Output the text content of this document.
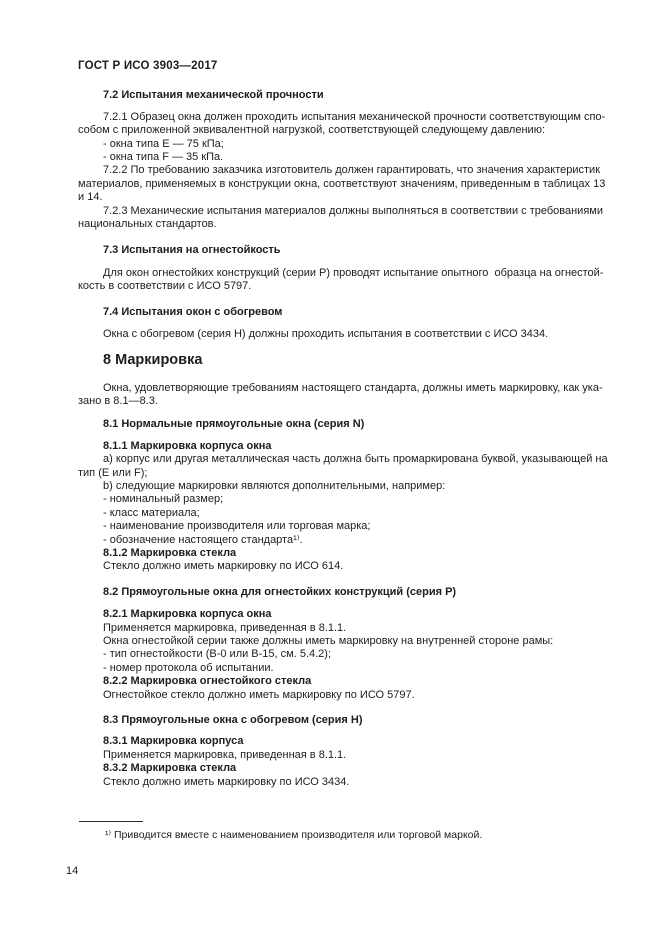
ГОСТ Р ИСО 3903—2017
7.2 Испытания механической прочности
7.2.1 Образец окна должен проходить испытания механической прочности соответствующим спо-
собом с приложенной эквивалентной нагрузкой, соответствующей следующему давлению:
- окна типа E — 75 кПа;
- окна типа F — 35 кПа.
7.2.2 По требованию заказчика изготовитель должен гарантировать, что значения характеристик
материалов, применяемых в конструкции окна, соответствуют значениям, приведенным в таблицах 13
и 14.
7.2.3 Механические испытания материалов должны выполняться в соответствии с требованиями
национальных стандартов.
7.3 Испытания на огнестойкость
Для окон огнестойких конструкций (серии P) проводят испытание опытного  образца на огнестой-
кость в соответствии с ИСО 5797.
7.4 Испытания окон с обогревом
Окна с обогревом (серия H) должны проходить испытания в соответствии с ИСО 3434.
8 Маркировка
Окна, удовлетворяющие требованиям настоящего стандарта, должны иметь маркировку, как ука-
зано в 8.1—8.3.
8.1 Нормальные прямоугольные окна (серия N)
8.1.1 Маркировка корпуса окна
a) корпус или другая металлическая часть должна быть промаркирована буквой, указывающей на
тип (E или F);
b) следующие маркировки являются дополнительными, например:
- номинальный размер;
- класс материала;
- наименование производителя или торговая марка;
- обозначение настоящего стандарта¹⁾.
8.1.2 Маркировка стекла
Стекло должно иметь маркировку по ИСО 614.
8.2 Прямоугольные окна для огнестойких конструкций (серия P)
8.2.1 Маркировка корпуса окна
Применяется маркировка, приведенная в 8.1.1.
Окна огнестойкой серии также должны иметь маркировку на внутренней стороне рамы:
- тип огнестойкости (B-0 или B-15, см. 5.4.2);
- номер протокола об испытании.
8.2.2 Маркировка огнестойкого стекла
Огнестойкое стекло должно иметь маркировку по ИСО 5797.
8.3 Прямоугольные окна с обогревом (серия H)
8.3.1 Маркировка корпуса
Применяется маркировка, приведенная в 8.1.1.
8.3.2 Маркировка стекла
Стекло должно иметь маркировку по ИСО 3434.
¹⁾ Приводится вместе с наименованием производителя или торговой маркой.
14
